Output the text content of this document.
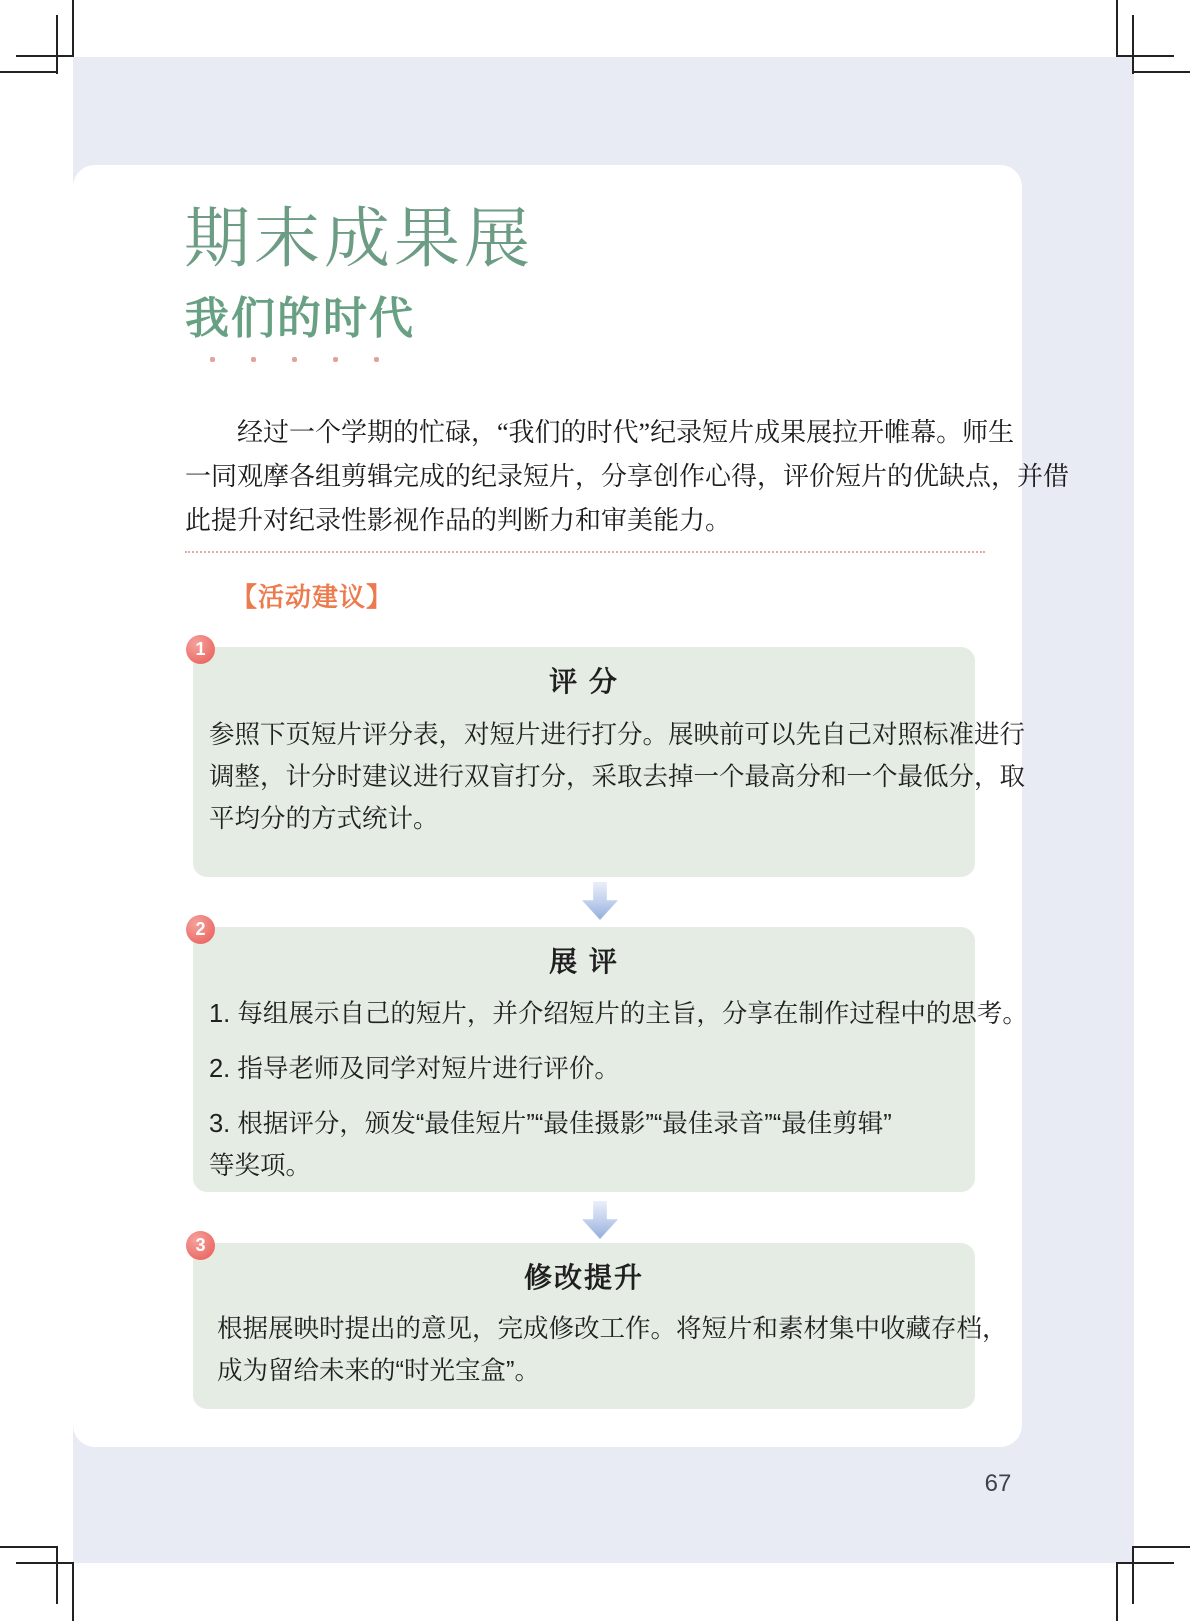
期末成果展
我们的时代
经过一个学期的忙碌，“我们的时代”纪录短片成果展拉开帷幕。师生
一同观摩各组剪辑完成的纪录短片，分享创作心得，评价短片的优缺点，并借
此提升对纪录性影视作品的判断力和审美能力。
【活动建议】
评 分
参照下页短片评分表，对短片进行打分。展映前可以先自己对照标准进行
调整，计分时建议进行双盲打分，采取去掉一个最高分和一个最低分，取
平均分的方式统计。
1
展 评
1. 每组展示自己的短片，并介绍短片的主旨，分享在制作过程中的思考。
2. 指导老师及同学对短片进行评价。
3. 根据评分，颁发“最佳短片”“最佳摄影”“最佳录音”“最佳剪辑”
等奖项。
2
修改提升
根据展映时提出的意见，完成修改工作。将短片和素材集中收藏存档，
成为留给未来的“时光宝盒”。
3
67
